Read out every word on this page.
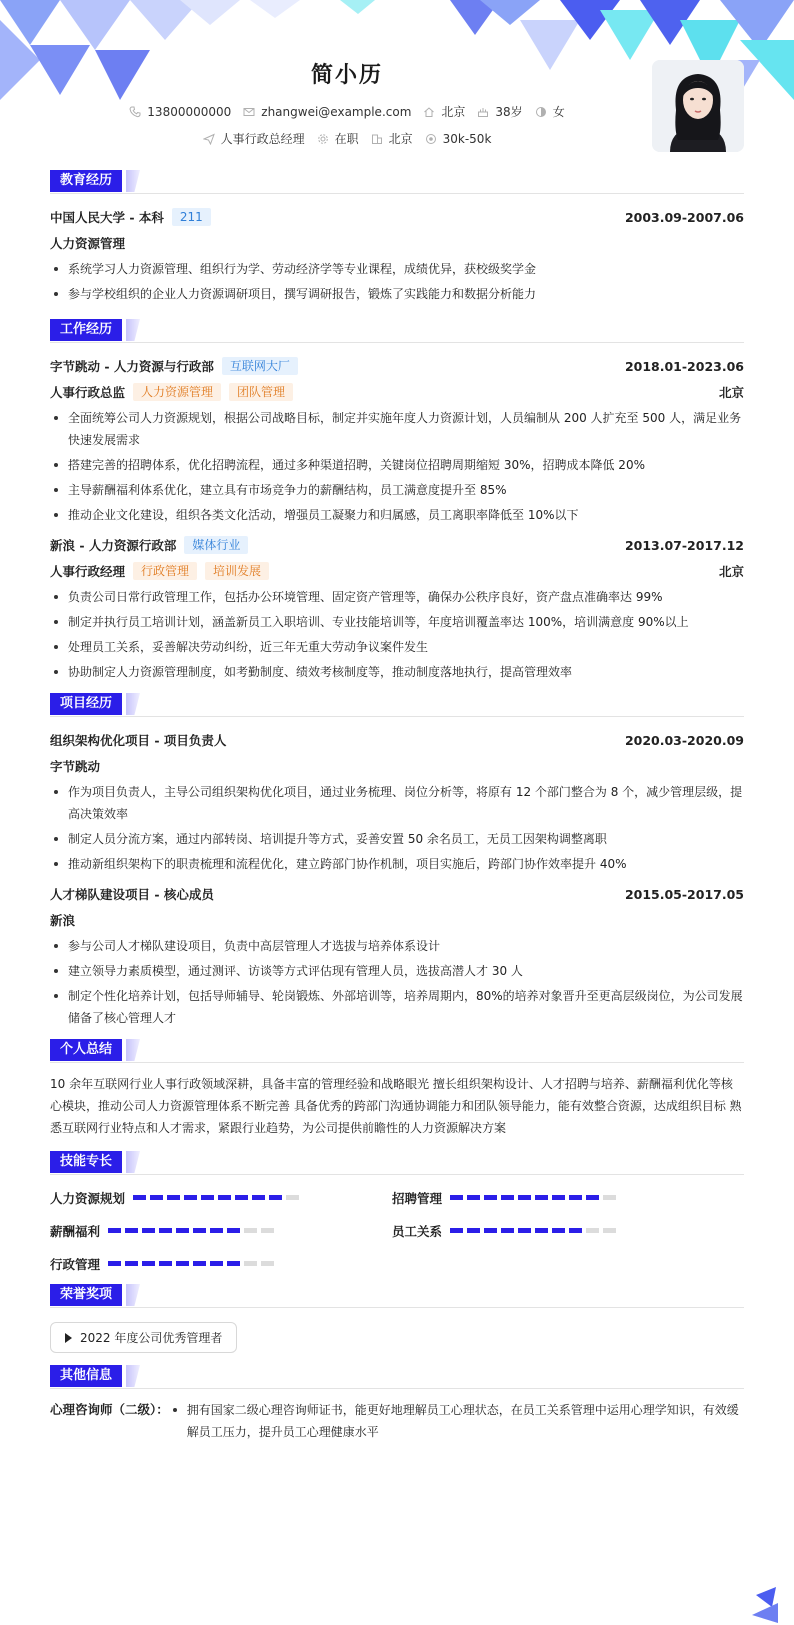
简小历
13800000000	zhangwei@example.com	北京	38岁	女
人事行政总经理	在职	北京	30k-50k
教育经历
中国人民大学 - 本科	211	2003.09-2007.06
人力资源管理
系统学习人力资源管理、组织行为学、劳动经济学等专业课程，成绩优异，获校级奖学金
参与学校组织的企业人力资源调研项目，撰写调研报告，锻炼了实践能力和数据分析能力
工作经历
字节跳动 - 人力资源与行政部	互联网大厂	2018.01-2023.06
人事行政总监	人力资源管理	团队管理	北京
全面统筹公司人力资源规划，根据公司战略目标，制定并实施年度人力资源计划，人员编制从 200 人扩充至 500 人，满足业务快速发展需求
搭建完善的招聘体系，优化招聘流程，通过多种渠道招聘，关键岗位招聘周期缩短 30%，招聘成本降低 20%
主导薪酬福利体系优化，建立具有市场竞争力的薪酬结构，员工满意度提升至 85%
推动企业文化建设，组织各类文化活动，增强员工凝聚力和归属感，员工离职率降低至 10%以下
新浪 - 人力资源行政部	媒体行业	2013.07-2017.12
人事行政经理	行政管理	培训发展	北京
负责公司日常行政管理工作，包括办公环境管理、固定资产管理等，确保办公秩序良好，资产盘点准确率达 99%
制定并执行员工培训计划，涵盖新员工入职培训、专业技能培训等，年度培训覆盖率达 100%，培训满意度 90%以上
处理员工关系，妥善解决劳动纠纷，近三年无重大劳动争议案件发生
协助制定人力资源管理制度，如考勤制度、绩效考核制度等，推动制度落地执行，提高管理效率
项目经历
组织架构优化项目 - 项目负责人	2020.03-2020.09
字节跳动
作为项目负责人，主导公司组织架构优化项目，通过业务梳理、岗位分析等，将原有 12 个部门整合为 8 个，减少管理层级，提高决策效率
制定人员分流方案，通过内部转岗、培训提升等方式，妥善安置 50 余名员工，无员工因架构调整离职
推动新组织架构下的职责梳理和流程优化，建立跨部门协作机制，项目实施后，跨部门协作效率提升 40%
人才梯队建设项目 - 核心成员	2015.05-2017.05
新浪
参与公司人才梯队建设项目，负责中高层管理人才选拔与培养体系设计
建立领导力素质模型，通过测评、访谈等方式评估现有管理人员，选拔高潜人才 30 人
制定个性化培养计划，包括导师辅导、轮岗锻炼、外部培训等，培养周期内，80%的培养对象晋升至更高层级岗位，为公司发展储备了核心管理人才
个人总结

10 余年互联网行业人事行政领域深耕，具备丰富的管理经验和战略眼光 擅长组织架构设计、人才招聘与培养、薪酬福利优化等核心模块，推动公司人力资源管理体系不断完善 具备优秀的跨部门沟通协调能力和团队领导能力，能有效整合资源，达成组织目标 熟悉互联网行业特点和人才需求，紧跟行业趋势，为公司提供前瞻性的人力资源解决方案

技能专长
人力资源规划	招聘管理
薪酬福利	员工关系
行政管理
荣誉奖项
2022 年度公司优秀管理者
其他信息
心理咨询师（二级）：	拥有国家二级心理咨询师证书，能更好地理解员工心理状态，在员工关系管理中运用心理学知识，有效缓解员工压力，提升员工心理健康水平
